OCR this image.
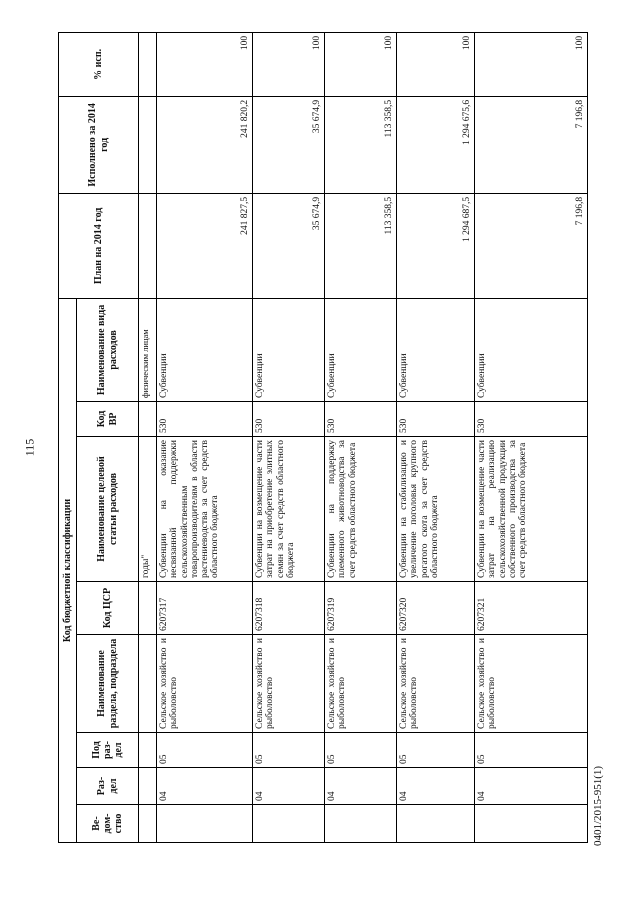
115
Код бюджетной классификации								План на 2014 год	Исполнено за 2014 год	% исп.
Ве- дом- ство	Раз- дел	Под раз- дел	Наименование раздела, подраздела	Код ЦСР	Наименование целевой статьи расходов	Код ВР	Наименование вида расходов			
					годы"		физическим лицам			
	04	05	Сельское хозяйство и рыболовство	6207317	Субвенции на оказание несвязанной поддержки сельскохозяйственным товаропроизводителям в области растениеводства за счет средств областного бюджета	530	Субвенции	241 827,5	241 820,2	100
	04	05	Сельское хозяйство и рыболовство	6207318	Субвенции на возмещение части затрат на приобретение элитных семян за счет средств областного бюджета	530	Субвенции	35 674,9	35 674,9	100
	04	05	Сельское хозяйство и рыболовство	6207319	Субвенции на поддержку племенного животноводства за счет средств областного бюджета	530	Субвенции	113 358,5	113 358,5	100
	04	05	Сельское хозяйство и рыболовство	6207320	Субвенции на стабилизацию и увеличение поголовья крупного рогатого скота за счет средств областного бюджета	530	Субвенции	1 294 687,5	1 294 675,6	100
	04	05	Сельское хозяйство и рыболовство	6207321	Субвенции на возмещение части затрат на реализацию сельскохозяйственной продукции собственного производства за счет средств областного бюджета	530	Субвенции	7 196,8	7 196,8	100
0401/2015-951(1)
